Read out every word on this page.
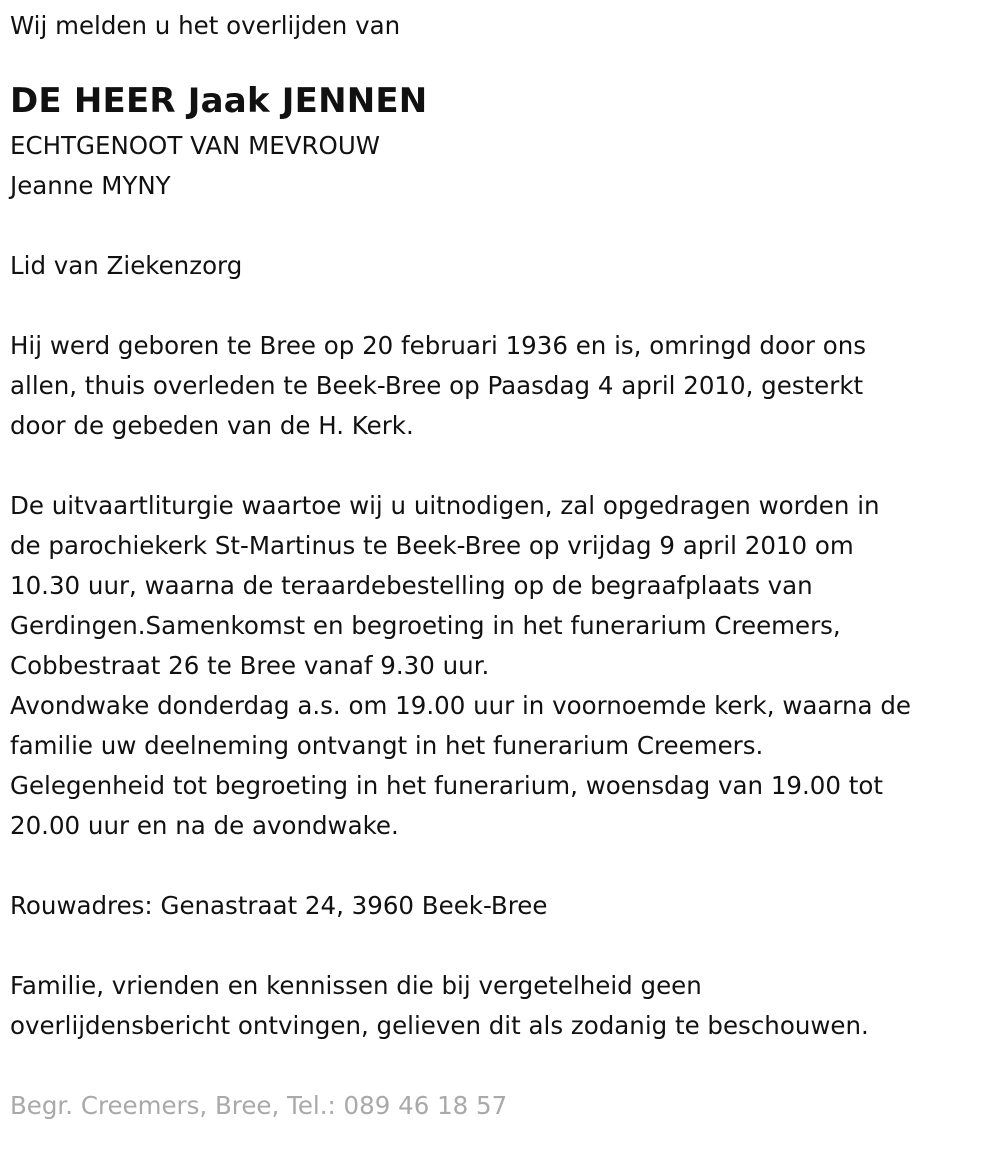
Wij melden u het overlijden van

DE HEER Jaak JENNEN

ECHTGENOOT VAN MEVROUW

Jeanne MYNY

Lid van Ziekenzorg

Hij werd geboren te Bree op 20 februari 1936 en is, omringd door ons

allen, thuis overleden te Beek-Bree op Paasdag 4 april 2010, gesterkt

door de gebeden van de H. Kerk.

De uitvaartliturgie waartoe wij u uitnodigen, zal opgedragen worden in

de parochiekerk St-Martinus te Beek-Bree op vrijdag 9 april 2010 om

10.30 uur, waarna de teraardebestelling op de begraafplaats van

Gerdingen.Samenkomst en begroeting in het funerarium Creemers,

Cobbestraat 26 te Bree vanaf 9.30 uur.

Avondwake donderdag a.s. om 19.00 uur in voornoemde kerk, waarna de

familie uw deelneming ontvangt in het funerarium Creemers.

Gelegenheid tot begroeting in het funerarium, woensdag van 19.00 tot

20.00 uur en na de avondwake.

Rouwadres: Genastraat 24, 3960 Beek-Bree

Familie, vrienden en kennissen die bij vergetelheid geen

overlijdensbericht ontvingen, gelieven dit als zodanig te beschouwen.

Begr. Creemers, Bree, Tel.: 089 46 18 57
